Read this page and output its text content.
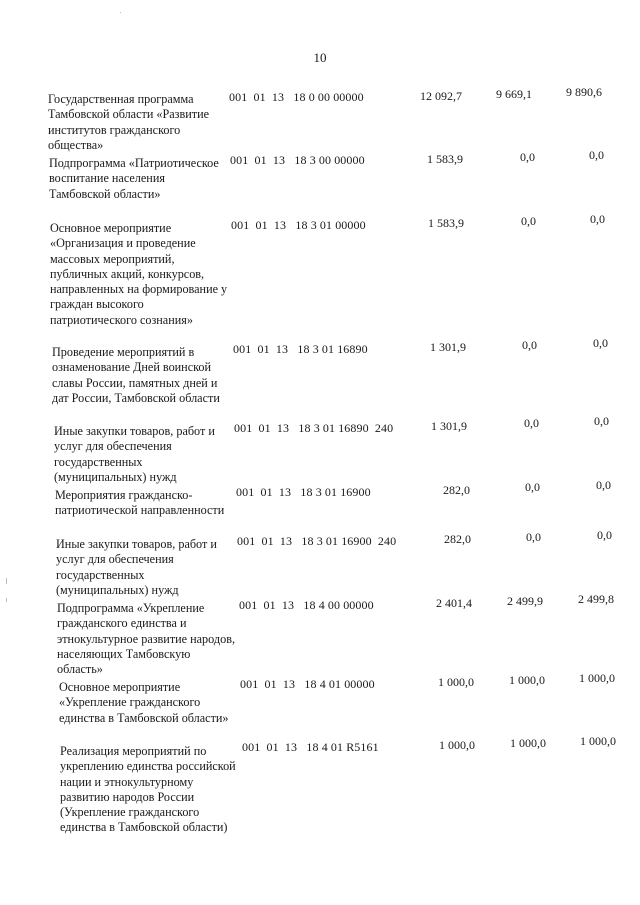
10
Государственная программа Тамбовской области «Развитие институтов гражданского общества»
001  01  13   18 0 00 00000	12 092,7	9 669,1	9 890,6
Подпрограмма «Патриотическое воспитание населения Тамбовской области»
001  01  13   18 3 00 00000	1 583,9	0,0	0,0
Основное мероприятие «Организация и проведение массовых мероприятий, публичных акций, конкурсов, направленных на формирование у граждан высокого патриотического сознания»
001  01  13   18 3 01 00000	1 583,9	0,0	0,0
Проведение мероприятий в ознаменование Дней воинской славы России, памятных дней и дат России, Тамбовской области
001  01  13   18 3 01 16890	1 301,9	0,0	0,0
Иные закупки товаров, работ и услуг для обеспечения государственных (муниципальных) нужд
001  01  13   18 3 01 16890  240	1 301,9	0,0	0,0
Мероприятия гражданско-патриотической направленности
001  01  13   18 3 01 16900	282,0	0,0	0,0
Иные закупки товаров, работ и услуг для обеспечения государственных (муниципальных) нужд
001  01  13   18 3 01 16900  240	282,0	0,0	0,0
Подпрограмма «Укрепление гражданского единства и этнокультурное развитие народов, населяющих Тамбовскую область»
001  01  13   18 4 00 00000	2 401,4	2 499,9	2 499,8
Основное мероприятие «Укрепление гражданского единства в Тамбовской области»
001  01  13   18 4 01 00000	1 000,0	1 000,0	1 000,0
Реализация мероприятий по укреплению единства российской нации и этнокультурному развитию народов России (Укрепление гражданского единства в Тамбовской области)
001  01  13   18 4 01 R5161	1 000,0	1 000,0	1 000,0
